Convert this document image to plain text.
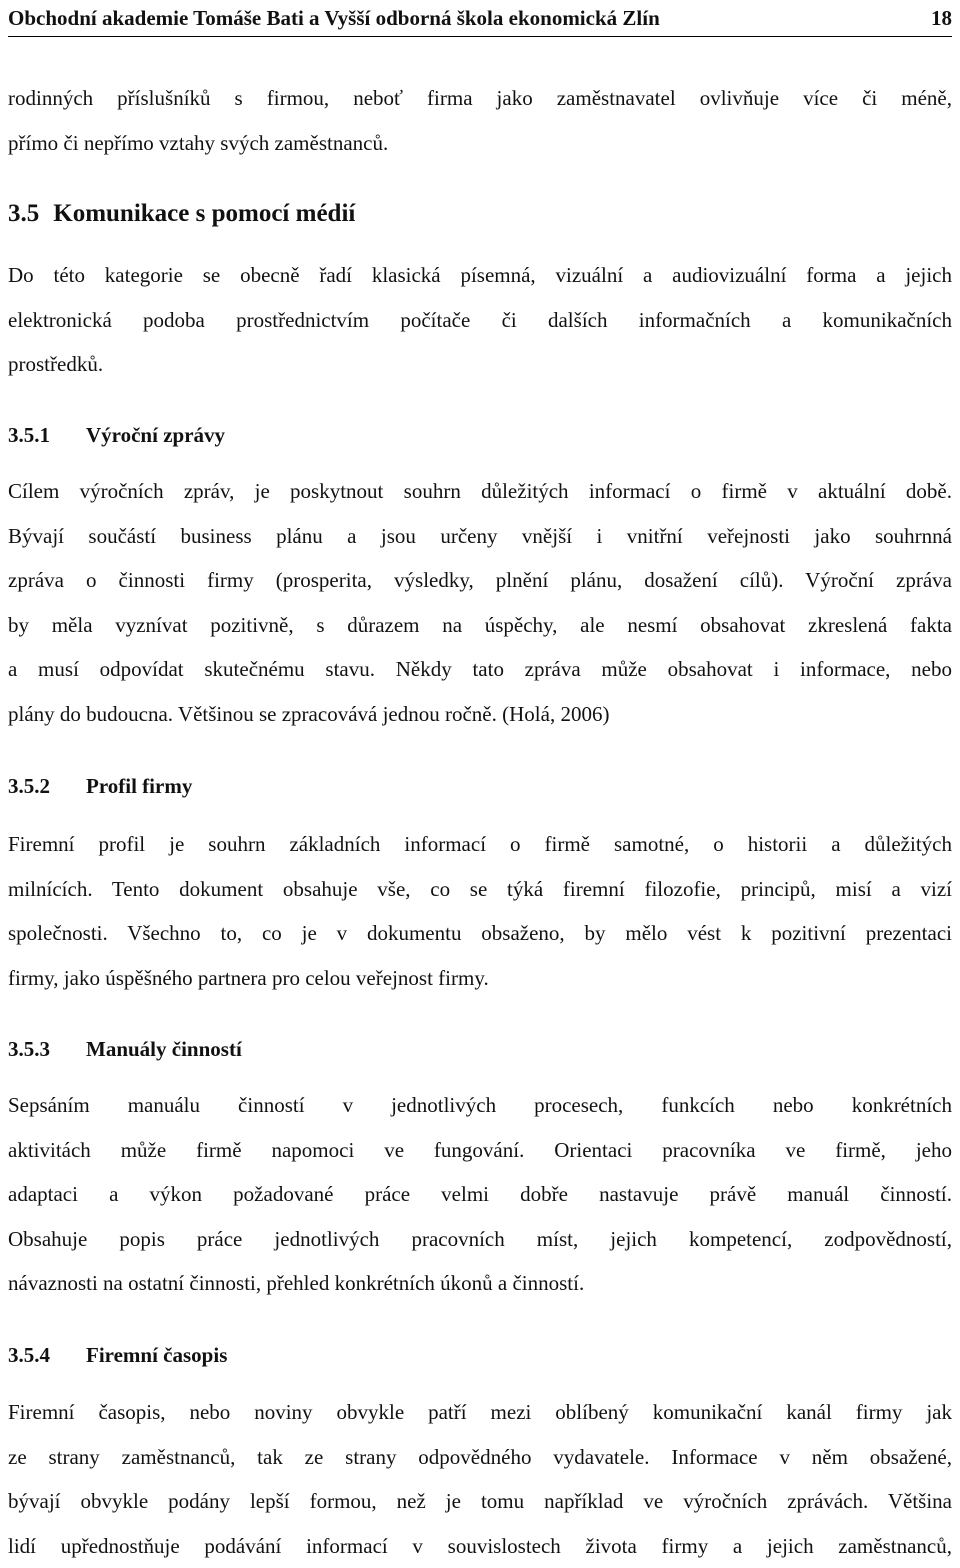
Obchodní akademie Tomáše Bati a Vyšší odborná škola ekonomická Zlín	18

rodinných příslušníků s firmou, neboť firma jako zaměstnavatel ovlivňuje více či méně,

přímo či nepřímo vztahy svých zaměstnanců.

3.5 Komunikace s pomocí médií

Do této kategorie se obecně řadí klasická písemná, vizuální a audiovizuální forma a jejich

elektronická podoba prostřednictvím počítače či dalších informačních a komunikačních

prostředků.

3.5.1 Výroční zprávy

Cílem výročních zpráv, je poskytnout souhrn důležitých informací o firmě v aktuální době.

Bývají součástí business plánu a jsou určeny vnější i vnitřní veřejnosti jako souhrnná

zpráva o činnosti firmy (prosperita, výsledky, plnění plánu, dosažení cílů). Výroční zpráva

by měla vyznívat pozitivně, s důrazem na úspěchy, ale nesmí obsahovat zkreslená fakta

a musí odpovídat skutečnému stavu. Někdy tato zpráva může obsahovat i informace, nebo

plány do budoucna. Většinou se zpracovává jednou ročně. (Holá, 2006)

3.5.2 Profil firmy

Firemní profil je souhrn základních informací o firmě samotné, o historii a důležitých

milnících. Tento dokument obsahuje vše, co se týká firemní filozofie, principů, misí a vizí

společnosti. Všechno to, co je v dokumentu obsaženo, by mělo vést k pozitivní prezentaci

firmy, jako úspěšného partnera pro celou veřejnost firmy.

3.5.3 Manuály činností

Sepsáním manuálu činností v jednotlivých procesech, funkcích nebo konkrétních

aktivitách může firmě napomoci ve fungování. Orientaci pracovníka ve firmě, jeho

adaptaci a výkon požadované práce velmi dobře nastavuje právě manuál činností.

Obsahuje popis práce jednotlivých pracovních míst, jejich kompetencí, zodpovědností,

návaznosti na ostatní činnosti, přehled konkrétních úkonů a činností.

3.5.4 Firemní časopis

Firemní časopis, nebo noviny obvykle patří mezi oblíbený komunikační kanál firmy jak

ze strany zaměstnanců, tak ze strany odpovědného vydavatele. Informace v něm obsažené,

bývají obvykle podány lepší formou, než je tomu například ve výročních zprávách. Většina

lidí upřednostňuje podávání informací v souvislostech života firmy a jejich zaměstnanců,
